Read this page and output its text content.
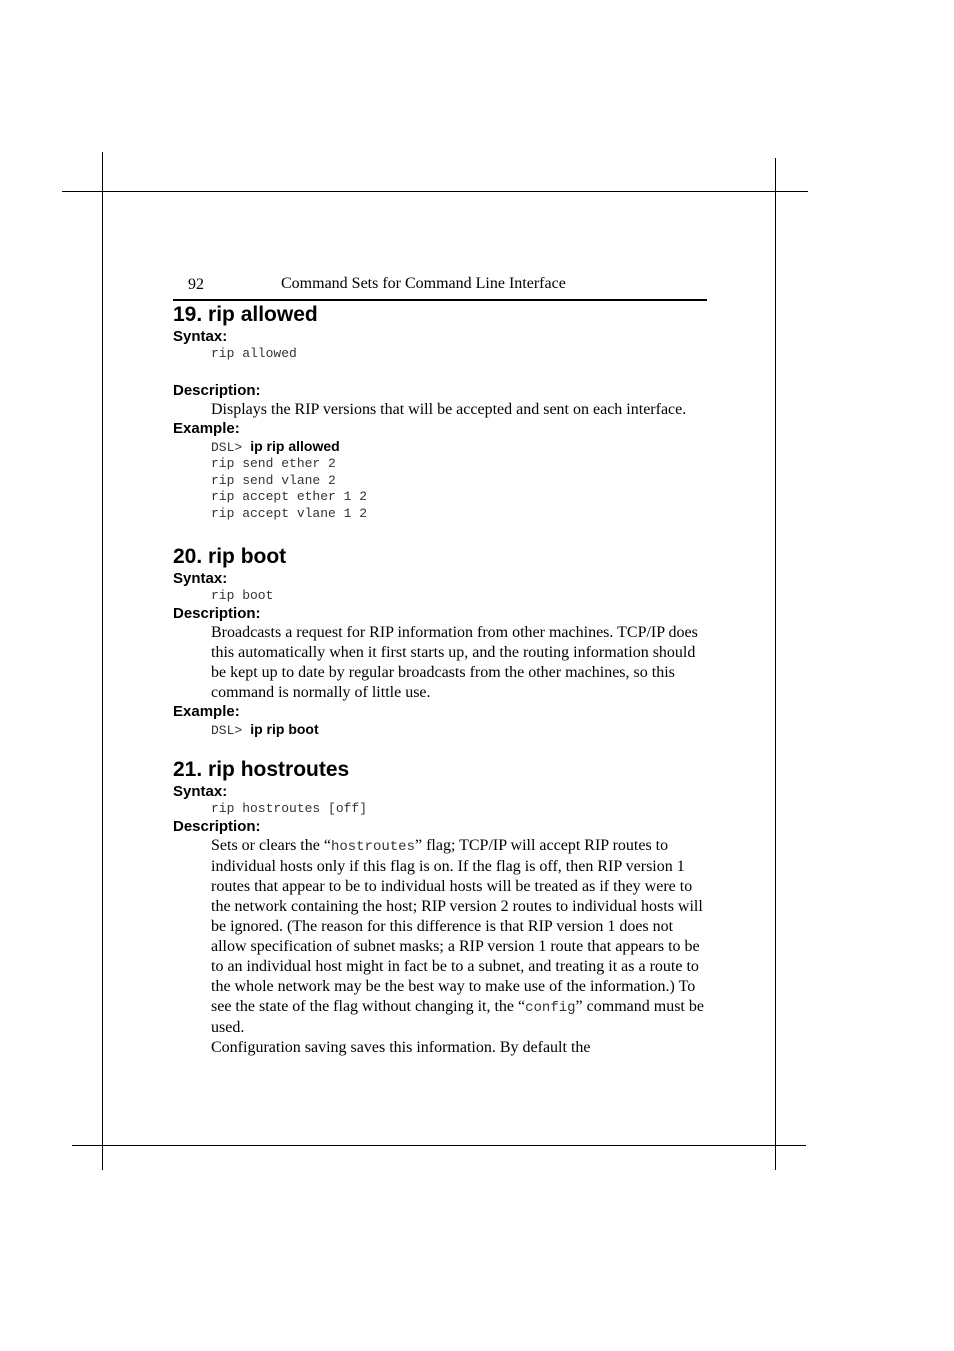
92	Command Sets for Command Line Interface
19. rip allowed
Syntax:
rip allowed
Description:
Displays the RIP versions that will be accepted and sent on each interface.
Example:
DSL> ip rip allowed
rip send ether 2
rip send vlane 2
rip accept ether 1 2
rip accept vlane 1 2
20. rip boot
Syntax:
rip boot
Description:
Broadcasts a request for RIP information from other machines. TCP/IP does this automatically when it first starts up, and the routing information should be kept up to date by regular broadcasts from the other machines, so this command is normally of little use.
Example:
DSL> ip rip boot
21. rip hostroutes
Syntax:
rip hostroutes [off]
Description:
Sets or clears the “hostroutes” flag; TCP/IP will accept RIP routes to individual hosts only if this flag is on. If the flag is off, then RIP version 1 routes that appear to be to individual hosts will be treated as if they were to the network containing the host; RIP version 2 routes to individual hosts will be ignored. (The reason for this difference is that RIP version 1 does not allow specification of subnet masks; a RIP version 1 route that appears to be to an individual host might in fact be to a subnet, and treating it as a route to the whole network may be the best way to make use of the information.) To see the state of the flag without changing it, the “config” command must be used.
Configuration saving saves this information. By default the
